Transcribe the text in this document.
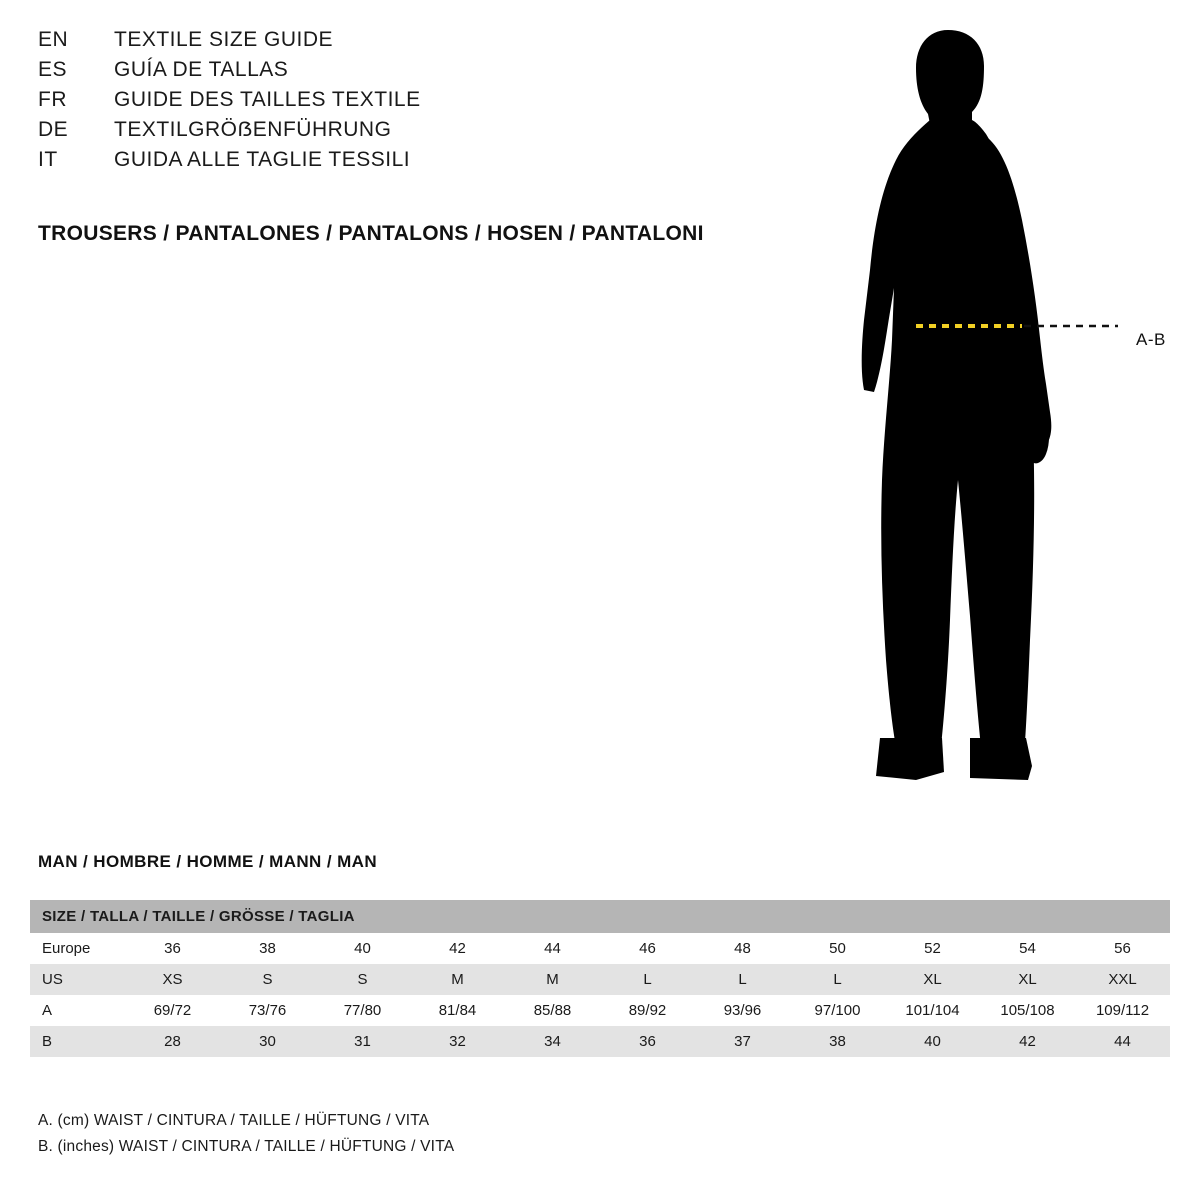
EN	TEXTILE SIZE GUIDE
ES	GUÍA DE TALLAS
FR	GUIDE DES TAILLES TEXTILE
DE	TEXTILGRÖẞENFÜHRUNG
IT	GUIDA ALLE TAGLIE TESSILI
TROUSERS / PANTALONES / PANTALONS / HOSEN / PANTALONI
A-B
MAN / HOMBRE / HOMME / MANN / MAN
SIZE / TALLA / TAILLE / GRÖSSE / TAGLIA											
Europe	36	38	40	42	44	46	48	50	52	54	56
US	XS	S	S	M	M	L	L	L	XL	XL	XXL
A	69/72	73/76	77/80	81/84	85/88	89/92	93/96	97/100	101/104	105/108	109/112
B	28	30	31	32	34	36	37	38	40	42	44
A. (cm) WAIST / CINTURA / TAILLE / HÜFTUNG / VITA
B. (inches) WAIST / CINTURA / TAILLE / HÜFTUNG / VITA
